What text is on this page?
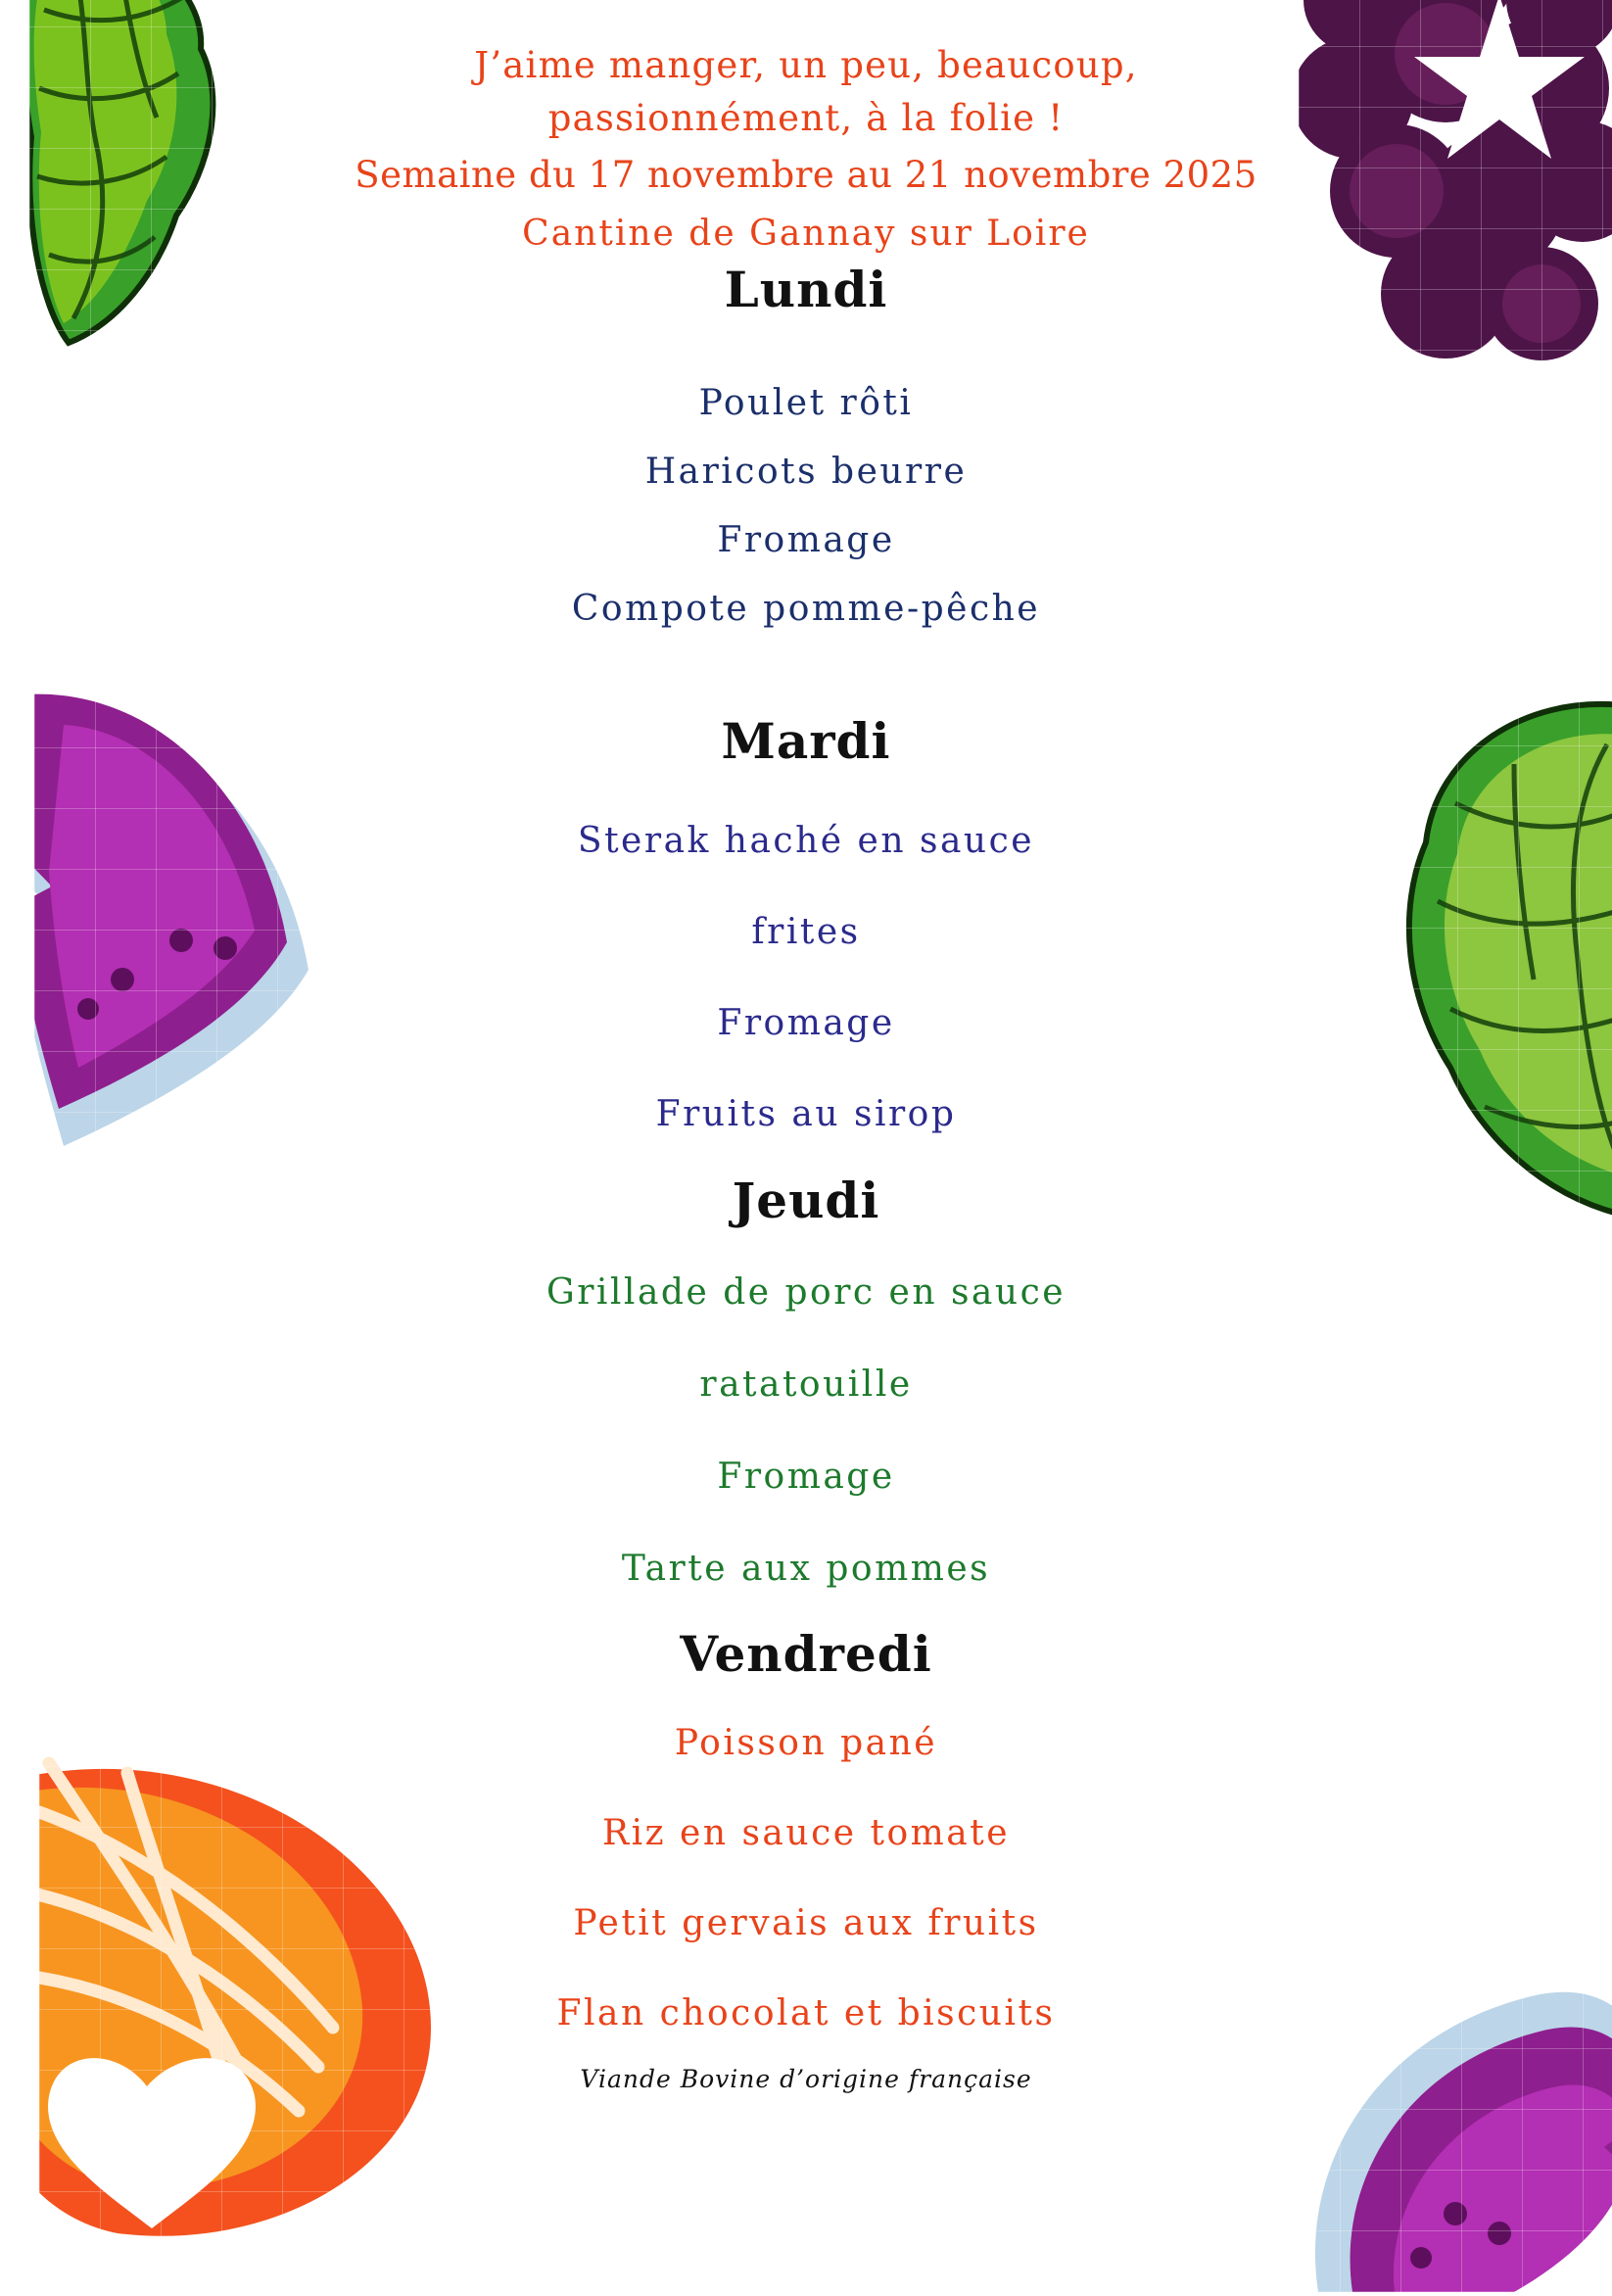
J’aime manger, un peu, beaucoup,
passionnément, à la folie !
Semaine du 17 novembre au 21 novembre 2025
Cantine de Gannay sur Loire
Lundi
Poulet rôti
Haricots beurre
Fromage
Compote pomme-pêche
Mardi
Sterak haché en sauce
frites
Fromage
Fruits au sirop
Jeudi
Grillade de porc en sauce
ratatouille
Fromage
Tarte aux pommes
Vendredi
Poisson pané
Riz en sauce tomate
Petit gervais aux fruits
Flan chocolat et biscuits
Viande Bovine d’origine française
